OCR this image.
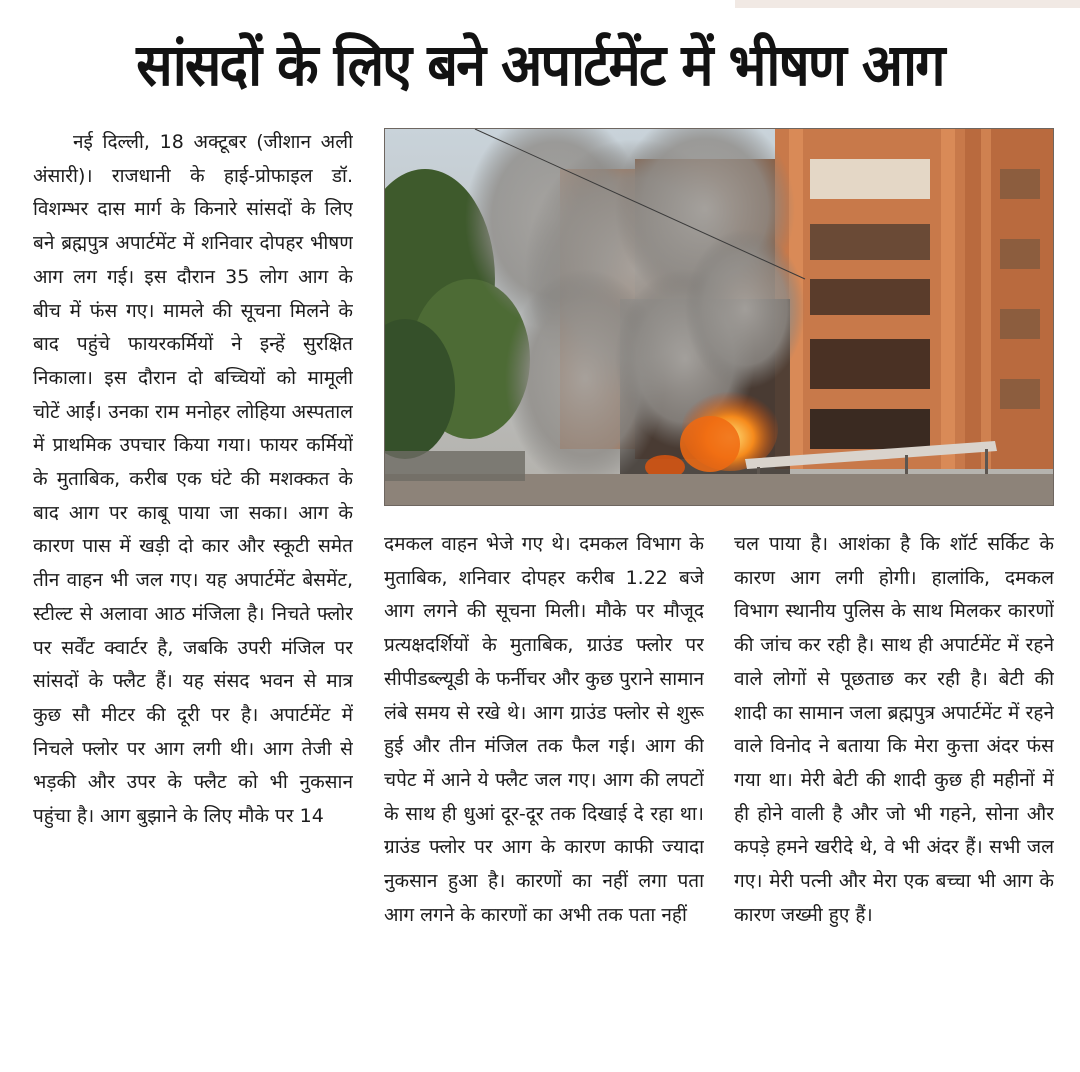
सांसदों के लिए बने अपार्टमेंट में भीषण आग

नई दिल्ली, 18 अक्टूबर (जीशान अली अंसारी)। राजधानी के हाई-प्रोफाइल डॉ. विशम्भर दास मार्ग के किनारे सांसदों के लिए बने ब्रह्मपुत्र अपार्टमेंट में शनिवार दोपहर भीषण आग लग गई। इस दौरान 35 लोग आग के बीच में फंस गए। मामले की सूचना मिलने के बाद पहुंचे फायरकर्मियों ने इन्हें सुरक्षित निकाला। इस दौरान दो बच्चियों को मामूली चोटें आईं। उनका राम मनोहर लोहिया अस्पताल में प्राथमिक उपचार किया गया। फायर कर्मियों के मुताबिक, करीब एक घंटे की मशक्कत के बाद आग पर काबू पाया जा सका। आग के कारण पास में खड़ी दो कार और स्कूटी समेत तीन वाहन भी जल गए। यह अपार्टमेंट बेसमेंट, स्टील्ट से अलावा आठ मंजिला है। निचते फ्लोर पर सर्वेंट क्वार्टर है, जबकि उपरी मंजिल पर सांसदों के फ्लैट हैं। यह संसद भवन से मात्र कुछ सौ मीटर की दूरी पर है। अपार्टमेंट में निचले फ्लोर पर आग लगी थी। आग तेजी से भड़की और उपर के फ्लैट को भी नुकसान पहुंचा है। आग बुझाने के लिए मौके पर 14

दमकल वाहन भेजे गए थे। दमकल विभाग के मुताबिक, शनिवार दोपहर करीब 1.22 बजे आग लगने की सूचना मिली। मौके पर मौजूद प्रत्यक्षदर्शियों के मुताबिक, ग्राउंड फ्लोर पर सीपीडब्ल्यूडी के फर्नीचर और कुछ पुराने सामान लंबे समय से रखे थे। आग ग्राउंड फ्लोर से शुरू हुई और तीन मंजिल तक फैल गई। आग की चपेट में आने ये फ्लैट जल गए। आग की लपटों के साथ ही धुआं दूर-दूर तक दिखाई दे रहा था। ग्राउंड फ्लोर पर आग के कारण काफी ज्यादा नुकसान हुआ है। कारणों का नहीं लगा पता आग लगने के कारणों का अभी तक पता नहीं

चल पाया है। आशंका है कि शॉर्ट सर्किट के कारण आग लगी होगी। हालांकि, दमकल विभाग स्थानीय पुलिस के साथ मिलकर कारणों की जांच कर रही है। साथ ही अपार्टमेंट में रहने वाले लोगों से पूछताछ कर रही है। बेटी की शादी का सामान जला ब्रह्मपुत्र अपार्टमेंट में रहने वाले विनोद ने बताया कि मेरा कुत्ता अंदर फंस गया था। मेरी बेटी की शादी कुछ ही महीनों में ही होने वाली है और जो भी गहने, सोना और कपड़े हमने खरीदे थे, वे भी अंदर हैं। सभी जल गए। मेरी पत्नी और मेरा एक बच्चा भी आग के कारण जख्मी हुए हैं।
